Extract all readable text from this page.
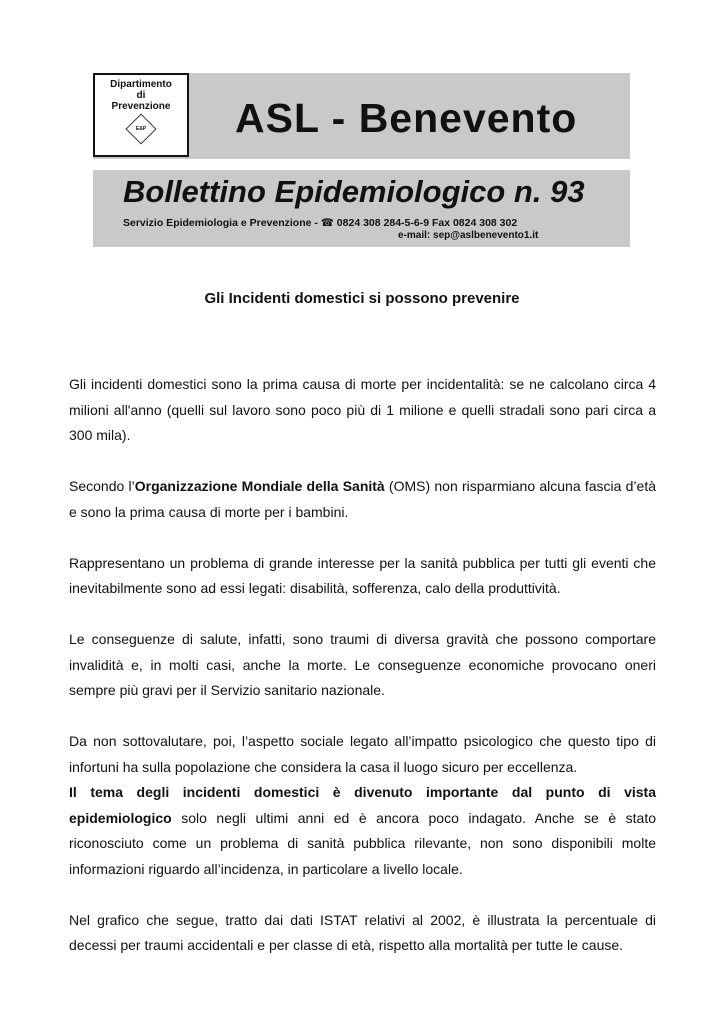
Dipartimento
di
Prevenzione
E&P ASL - Benevento
Bollettino Epidemiologico n. 93
Servizio Epidemiologia e Prevenzione - ☎ 0824 308 284-5-6-9 Fax 0824 308 302
e-mail: sep@aslbenevento1.it
Gli Incidenti domestici si possono prevenire

Gli incidenti domestici sono la prima causa di morte per incidentalità: se ne calcolano circa 4 milioni all'anno (quelli sul lavoro sono poco più di 1 milione e quelli stradali sono pari circa a 300 mila).

Secondo l’Organizzazione Mondiale della Sanità (OMS) non risparmiano alcuna fascia d’età e sono la prima causa di morte per i bambini.

Rappresentano un problema di grande interesse per la sanità pubblica per tutti gli eventi che inevitabilmente sono ad essi legati: disabilità, sofferenza, calo della produttività.

Le conseguenze di salute, infatti, sono traumi di diversa gravità che possono comportare invalidità e, in molti casi, anche la morte. Le conseguenze economiche provocano oneri sempre più gravi per il Servizio sanitario nazionale.

Da non sottovalutare, poi, l’aspetto sociale legato all’impatto psicologico che questo tipo di infortuni ha sulla popolazione che considera la casa il luogo sicuro per eccellenza.

Il tema degli incidenti domestici è divenuto importante dal punto di vista epidemiologico solo negli ultimi anni ed è ancora poco indagato. Anche se è stato riconosciuto come un problema di sanità pubblica rilevante, non sono disponibili molte informazioni riguardo all’incidenza, in particolare a livello locale.

Nel grafico che segue, tratto dai dati ISTAT relativi al 2002, è illustrata la percentuale di decessi per traumi accidentali e per classe di età, rispetto alla mortalità per tutte le cause.
